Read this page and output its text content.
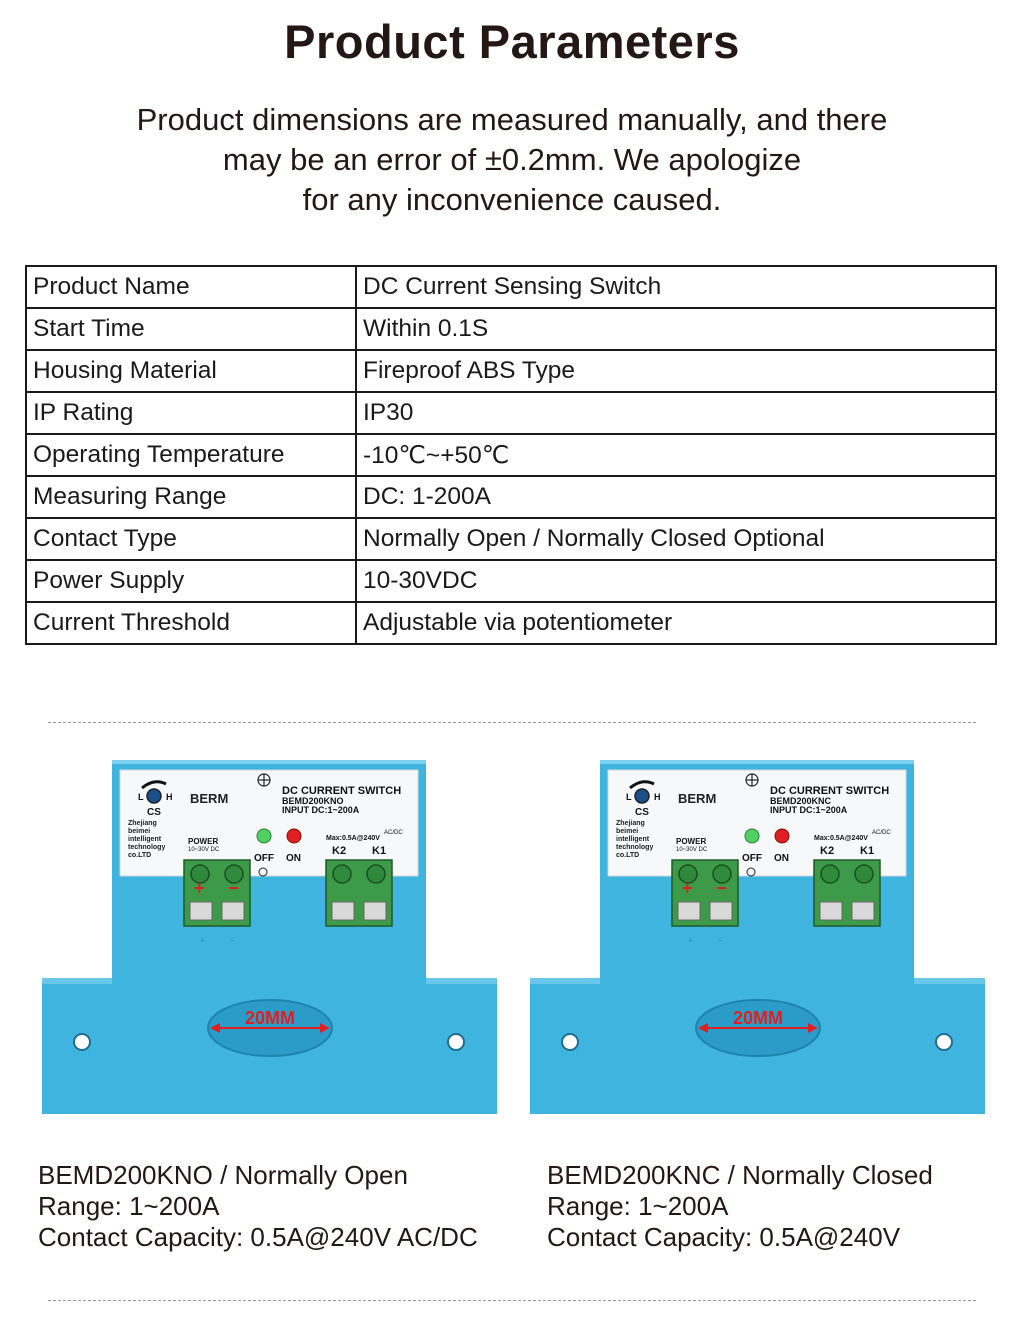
Product Parameters
Product dimensions are measured manually, and there
may be an error of ±0.2mm. We apologize
for any inconvenience caused.
Product Name	DC Current Sensing Switch
Start Time	Within 0.1S
Housing Material	Fireproof ABS Type
IP Rating	IP30
Operating Temperature	-10℃~+50℃
Measuring Range	DC: 1-200A
Contact Type	Normally Open / Normally Closed Optional
Power Supply	10-30VDC
Current Threshold	Adjustable via potentiometer
L	H
CS
BERM
Zhejiang
beimei
intelligent
technology
co.LTD
DC CURRENT SWITCH
BEMD200KNO
INPUT DC:1~200A
POWER
10~30V DC
OFF ON
AC/DC
Max:0.5A@240V
K2 K1
+ −
+ −
20MM
L	H
CS
BERM
Zhejiang
beimei
intelligent
technology
co.LTD
DC CURRENT SWITCH
BEMD200KNC
INPUT DC:1~200A
POWER
10~30V DC
OFF ON
AC/DC
Max:0.5A@240V
K2 K1
+ −
+ −
20MM
BEMD200KNO / Normally Open
Range: 1~200A
Contact Capacity: 0.5A@240V AC/DC
BEMD200KNC / Normally Closed
Range: 1~200A
Contact Capacity: 0.5A@240V
